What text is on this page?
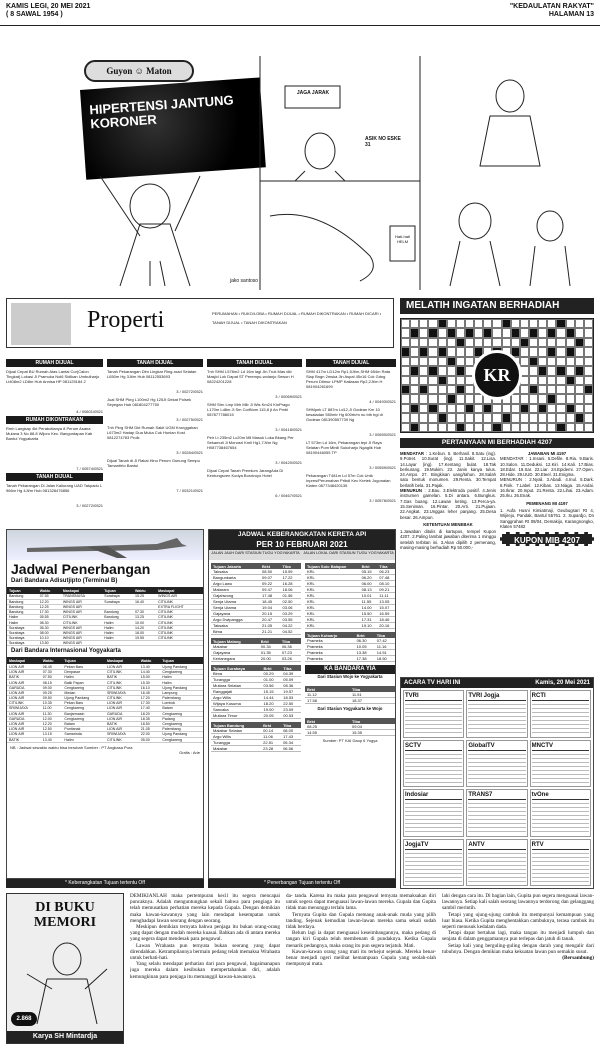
KAMIS LEGI, 20 MEI 2021
( 8 SAWAL 1954 )
"KEDAULATAN RAKYAT"
HALAMAN 13
Guyon ☺ Maton
HIPERTENSI JANTUNG KORONER
JAGA JARAK
ASIK NO ESKE 31
Hati-hati HELM
jako santoso
Properti	PERUMAHAN • RUKO/LOBA • RUMAH DIJUAL • RUMAH DIKONTRAKAN • RUMAH DICARI • TANAH DIJUAL • TANAH DIKONTRAKAN
RUMAH DIJUAL
Dijual Cepat BU Rumah Atas Lantai Cor(Calon Tingkat) Lokasi Jl Pramuka Nol6 Sidikan Umbulharjo Lt408m2 LD8m Hub Annisa HP 081125184 2
4 / 00601/0521
RUMAH DIKONTRAKAN
Rmh Langkap 4kt Perabotlanya 8 Perum Asana Mulana 3 No 88.8 Wijoro Kec. Banguntapan Kab Bantul Yogyakarta
7 / 00574/0521
TANAH DIJUAL
Tanah Pekarangan Di Jalan Kaliurang UAD Takpadu L 966m Hg 4Jt/m Hub 081328476856
3 / 00272/0521
TANAH DIJUAL
Tanah Pekarangan Dlm Lingkar Ring-road Selatan L650m Hg 3Jt/m Hub 08112553693
3 / 00272/0521
Jual SHM Pkrg L100m2 Hg 125Jt Dekat Polsek Seyegan Hub 081804277750
3 / 00275/0521
Tnh Pkrg SHM Dkt Rumah Sakit UGM Kronggahan L673m2 Hadap Dua Muka Cok Hunian Kost 0812274783 Prolk
3 / 00284/0521
Dijual Tanah di Jl Rakai Hino Perum Gunung Sempu Tamantirto Bantul
7 / 00321/0521
TANAH DIJUAL
Tnh SHM L578m2 Ld 16m lagi Jln.Truk Mas dkt Masjid Lok Dapat ST Perempu-wolanjo Sewon H 08224201228
3 / 00069/0521
SHM Strn Lmp Mrh Mllr Jl Wis Km24 KinPrago L170m Ld8m Jl Sm CorBlom 115,8 jt An Pmbl 087877788015
3 / 00418/0521
Pelr Lt 235m2 Lc20m Mll Masuk Loka Bkang Per Sekamuti Jl Monosri Kmll Hg1,7Jt/m Ng H087738467654
3 / 00420/0521
Dijual Cepat Tanah Premium JarangAda Di Kentungsven Kodya Borotruyo Hotel
6 / 00467/0521
TANAH DIJUAL
SHM 417m LD12m Rp1,5Jt/m,SHM 654m Rata Siap Bngn 2mska Jln Aspal 45x16 Cck Gdng Perum Dtlmur LPMP Kaliasan Rp2,2Jt/m H 081904261699
4 / 00493/0521
SHMpek LT 887m Ld12,Jl Godean Km 10 kesaladan 550mtr Hg 600rb/m nu bth bgi di Godean 081390557739 Ng
3 / 00550/0521
LT 573m Ld 16m, Pekarangan tepi Jl Raya Selatan Pom Minili Sukoharjo Ngaglik Hub 08190446055 TP
3 / 00559/0521
Pekarangan T481m Ld 57m Cck Untk Inpres/Perumahan Pribdi Kec Kretek Jogonalan Klaten 0877348420135
3 / 00578/0521
MELATIH INGATAN BERHADIAH
KR
PERTANYAAN MI BERHADIAH 4207
MENDATAR : 1.Kebun. 5. Berhasil. 8.Satu (ing). 9.Potret. 10.Surat (ing). 11.Sakit. 12.Lisa. 14.Layar (ing). 17.Kentang bulat. 18.Tak berkurang. 19.Mukim. 22. Janin kanya tulus. 24.Ampo. 27. Bingkisan uang/tahun. 28.Salah satu bentuk monumen. 29.Renta. 30.Tempat berlatih bela. 31.Pajak.
MENURUN : 2.Bau. 3.Elektroda positif. 4.Jenis instrumen gamelan. 5.Di antara. 6.Bungkus. 7.Gas buang. 12.Lawan keting. 13.Perca-ya. 15.Seniman. 16.Pintar. 20.Arti. 21.Pujaan. 22.Angkat. 23.Unggas leher panjang. 25.Desa besar. 26.Ampun.

KETENTUAN MENEBAK
1.Jawaban ditulis di kartupos, tempel Kupon 4207. 2.Paling lambat jawaban diterima 1 minggu setelah terbitan ini. 3.Akan dipilih 2 pemenang, masing-masing berhadiah Rp 50.000,-
JAWABAN MI 4197
MENDATAR : 1.Insani. 5.Defile. 8.Ria. 9.Baris. 10.Salon. 11.Deduksi. 12.Kiri. 14.Kali. 17.Bias. 18.Edar. 19.Sar. 22.Liar. 24.Epidemi. 27.Open. 28.Hide. 29.UUD. 30.Eteel. 31.Enigma.
MENURUN : 2.Nyali. 3.Abadi. 4.Inul. 5.Dark. 6.Fisik. 7.Label. 12.Kibas. 13.Niaga. 15.Andai. 16.Ikrar. 20.Input. 21.Renta. 22.Lihai. 23.Adam. 25.Iku. 26.Enak.
PEMENANG MI 4197
1. Aufa Husni Kimiatmaji, Geubugsari Rt 4, Wijirejo, Pandak, Bantul 55761. 2. Supardjo, Dn Sanggrahan Rt 08/04, Demakijo, Karangnongko, Klaten 57482
KUPON MIB 4207
Jadwal Penerbangan
Dari Bandara Adisutjipto (Terminal B)
Tujuan	Waktu	Maskapai	Tujuan	Waktu	Maskapai
Bandung	07.55	TRANSNUSA	Surabaya	15.25	WINGS AIR
Bandung	12.20	WINGS AIR	Surabaya	16.40	CITILINK
Bandung	12.25	WINGS AIR			EXTRA FLIGHT
Bandung	17.30	WINGS AIR	Bandung	07.30	CITILINK
Halim	05.55	CITILINK	Bandung	13.25	CITILINK
Halim	08.30	CITILINK	Halim	10.00	CITILINK
Surabaya	06.30	WINGS AIR	Halim	14.20	CITILINK
Surabaya	08.00	WINGS AIR	Halim	18.00	CITILINK
Surabaya	10.10	WINGS AIR	Halim	19.55	CITILINK
Surabaya	13.50	WINGS AIR			
Dari Bandara Internasional Yogyakarta
Maskapai	Waktu	Tujuan	Maskapai	Waktu	Tujuan
LION AIR	06.45	Pekan Baru	LION AIR	13.40	Ujung Pandang
LION AIR	07.30	Denpasar	CITILINK	14.40	Cengkareng
BATIK	07.50	Halim	BATIK	15.00	Halim
LION AIR	08.15	Balik Papan	CITILINK	15.30	Halim
GARUDA	09.00	Cengkareng	CITILINK	16.10	Ujung Pandang
LION AIR	09.25	Medan	SRIWIJAYA	16.45	Lampung
LION AIR	09.50	Ujung Pandang	CITILINK	17.20	Palembang
CITILINK	10.35	Pekan Baru	LION AIR	17.30	Lombok
SRIWIJAYA	11.00	Cengkareng	LION AIR	17.40	Batam
LION AIR	11.30	Banjarmasin	GARUDA	18.20	Cengkareng
GARUDA	12.00	Cengkareng	LION AIR	18.35	Padang
LION AIR	12.20	Batam	BATIK	18.50	Cengkareng
LION AIR	12.50	Pontianak	LION AIR	21.05	Palembang
LION AIR	13.15	Samarinda	SRIWIJAYA	22.00	Ujung Pandang
BATIK	13.40	Halim	CITILINK	05.00	Cengkareng
NB : Jadwal sewaktu waktu bisa berubah Sumber : PT Angkasa Pura
Grafis : Arie
* Keberangkatan Tujuan tertentu Off
JADWAL KEBERANGKATAN KERETA API
PER 10 FEBRUARI 2021
JALAN JAUH DARI STASIUN TUGU YOGYAKARTA JALAN LOKAL DARI STASIUN TUGU YOGYAKARTA
Tujuan Jakarta	Brkt	Tiba
Taksaka	08.50	15.59
Bangunkarta	09.07	17.22
Argo Lawu	09.22	16.28
Mataram	09.47	18.06
Gajahwong	17.48	01.56
Senja Utama	18.45	02.50
Senja Utama	19.04	03.06
Gajayana	20.15	03.29
Argo Dwipangga	20.47	03.55
Taksaka	21.05	04.22
Bima	21.21	04.52
Tujuan Malang	Brkt	Tiba
Malabar	00.34	06.36
Gajayana	01.35	07.23
Kertanegara	20.00	03.26
Tujuan Surabaya	Brkt	Tiba
Bima	00.29	04.39
Turangga	01.00	05.09
Mutiara Selatan	03.56	08.36
Ranggajati	15.15	19.57
Argo Wilis	14.44	18.53
Wijaya Kusuma	18.20	22.50
Sancaka	19.00	23.09
Mutiara Timur	20.05	00.53
Tujuan Bandung	Brkt	Tiba
Malabar Selatan	00.14	08.00
Argo Wilis	11.06	17.43
Turangga	22.51	05.34
Malabar	23.28	06.56
Tujuan Solo Balapan	Brkt	Tiba
KRL	05.15	06.23
KRL	06.20	07.48
KRL	06.00	08.10
KRL	08.13	09.21
KRL	10.01	11.11
KRL	11.55	13.05
KRL	14.00	15.07
KRL	15.50	16.59
KRL	17.31	18.46
KRL	19.10	20.16
Tujuan Kutoarjo	Brkt	Tiba
Prameks	06.30	07.42
Prameks	10.05	11.16
Prameks	13.38	14.51
Prameks	17.38	18.50
KA BANDARA YIA
Dari Stasiun Wojo ke Yogyakarta
Brkt	Tiba
11.12	11.51
17.58	18.37
Dari Stasiun Yogyakarta ke Wojo
Brkt	Tiba
08.25	09.04
14.55	15.35
Sumber: PT KAI Daop 6 Yogya
* Penerbangan Tujuan tertentu Off
ACARA TV HARI INI	Kamis, 20 Mei 2021
TVRI	TVRI Jogja	RCTI
SCTV	GlobalTV	MNCTV
Indosiar	TRANS7	tvOne
JogjaTV	ANTV	RTV
DI BUKU MEMORI
2.868
Karya SH Mintardja

DEMIKIANLAH maka pertempuran kecil itu segera mencapai puncaknya. Adalah menguntungkan sekali bahwa para pengiaga itu telah memusatkan perhatian mereka kepada Gupala. Dengan demikian maka kawan-kawannya yang lain mendapat kesempatan untuk menghadapi lawan seorang dengan seorang.

Meskipun demikian ternyata bahwa penjaga itu bukan orang-orang yang dapat dengan mudah mereka kuasai. Bahkan ada di antara mereka yang segera dapat mendesak para pengawal.

Lawan Wrahasta pun ternyata bukan seorang yang dapat direndahkan. Ketrampilannya bermain pedang telah memaksa Wrahasta untuk berhati-hati.

Yang selalu mendapat perhatian dari para pengawal, bagaimanapun juga mereka dalam kesibukan mempertahankan diri, adalah kemungkinan para penjaga itu memanggil kawan-kawannya.

da- tanda. Karena itu maka para pengawal ternyata memaksakan diri untuk segera dapat menguasai lawan-lawan mereka. Gupala dan Gupita tidak mau menunggu terlalu lama.

Ternyata Gupita dan Gupala memang anak-anak muda yang pilih tanding. Sejenak kemudian lawan-lawan mereka sama sekali sudah tidak berdaya.

Belum lagi ia dapat menguasai keseimbangannya, maka pedang di tangan kiri Gupala telah membenam di pundaknya. Ketika Gupala menarik pedangnya, maka orang itu pun segera terjatuh. Mati.

Kawan-kawan orang yang mati itu terkejut sejenak. Mereka benar-benar menjadi ngeri melihat kemampuan Gupala yang seolah-olah mempunyai mata.

lahi dengan cara itu. Di bagian lain, Gupita pun segera menguasai lawan-lawannya. Setiap kali salah seorang lawannya terdorong dan gelanggang sambil merintih.

Tetapi yang ujung-ujung cambuk itu mempunyai kemampuan yang luar biasa. Ketika Gupita menghentakkan cambuknya, terasa cambuk itu seperti menusuk kedalam dada.

Tetapi dapat bertahan lagi, maka tangan itu menjadi lumpuh dan senjata di dalam genggamannya pun terlepas dan jatuh di tanah.

Setiap kali yang berguling-guling dengan darah yang mengalir dari tubuhnya. Dengan demikian maka kekuatan lawan pun semakin susut.

(Bersambung)
